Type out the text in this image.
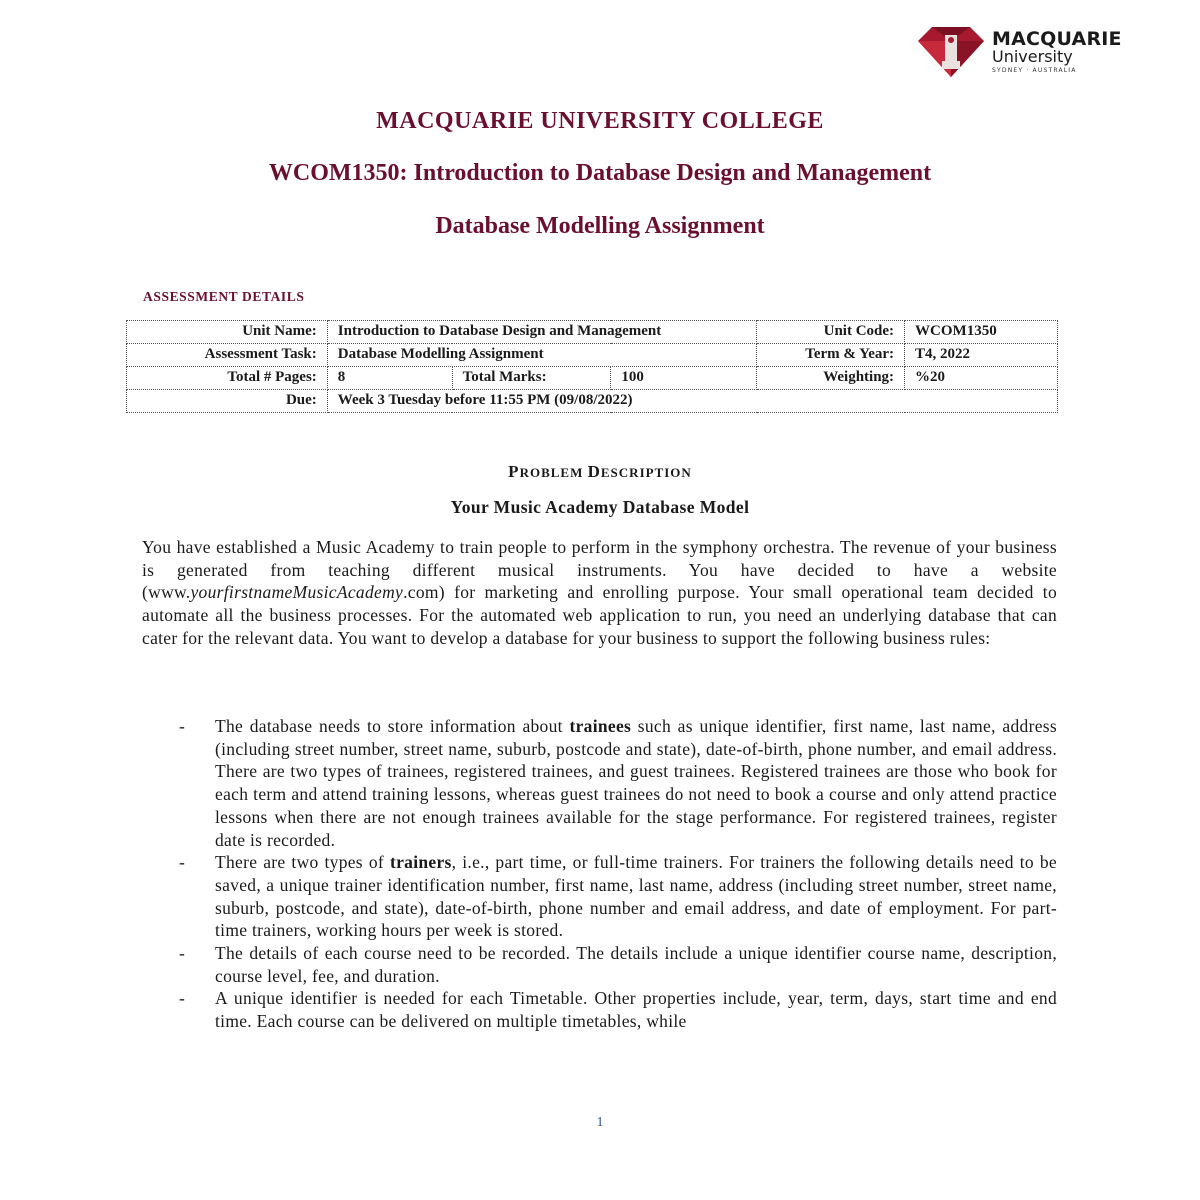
MACQUARIE
University
SYDNEY · AUSTRALIA
MACQUARIE UNIVERSITY COLLEGE
WCOM1350: Introduction to Database Design and Management
Database Modelling Assignment
ASSESSMENT DETAILS
Unit Name:	Introduction to Database Design and Management			Unit Code:	WCOM1350
Assessment Task:	Database Modelling Assignment			Term & Year:	T4, 2022
Total # Pages:	8	Total Marks:	100	Weighting:	%20
Due:	Week 3 Tuesday before 11:55 PM (09/08/2022)				
PROBLEM DESCRIPTION
Your Music Academy Database Model
You have established a Music Academy to train people to perform in the symphony orchestra. The revenue of your business is generated from teaching different musical instruments. You have decided to have a website (www.yourfirstnameMusicAcademy.com) for marketing and enrolling purpose. Your small operational team decided to automate all the business processes. For the automated web application to run, you need an underlying database that can cater for the relevant data. You want to develop a database for your business to support the following business rules:
- The database needs to store information about trainees such as unique identifier, first name, last name, address (including street number, street name, suburb, postcode and state), date-of-birth, phone number, and email address. There are two types of trainees, registered trainees, and guest trainees. Registered trainees are those who book for each term and attend training lessons, whereas guest trainees do not need to book a course and only attend practice lessons when there are not enough trainees available for the stage performance. For registered trainees, register date is recorded.
- There are two types of trainers, i.e., part time, or full-time trainers. For trainers the following details need to be saved, a unique trainer identification number, first name, last name, address (including street number, street name, suburb, postcode, and state), date-of-birth, phone number and email address, and date of employment. For part-time trainers, working hours per week is stored.
- The details of each course need to be recorded. The details include a unique identifier course name, description, course level, fee, and duration.
- A unique identifier is needed for each Timetable. Other properties include, year, term, days, start time and end time. Each course can be delivered on multiple timetables, while
1
